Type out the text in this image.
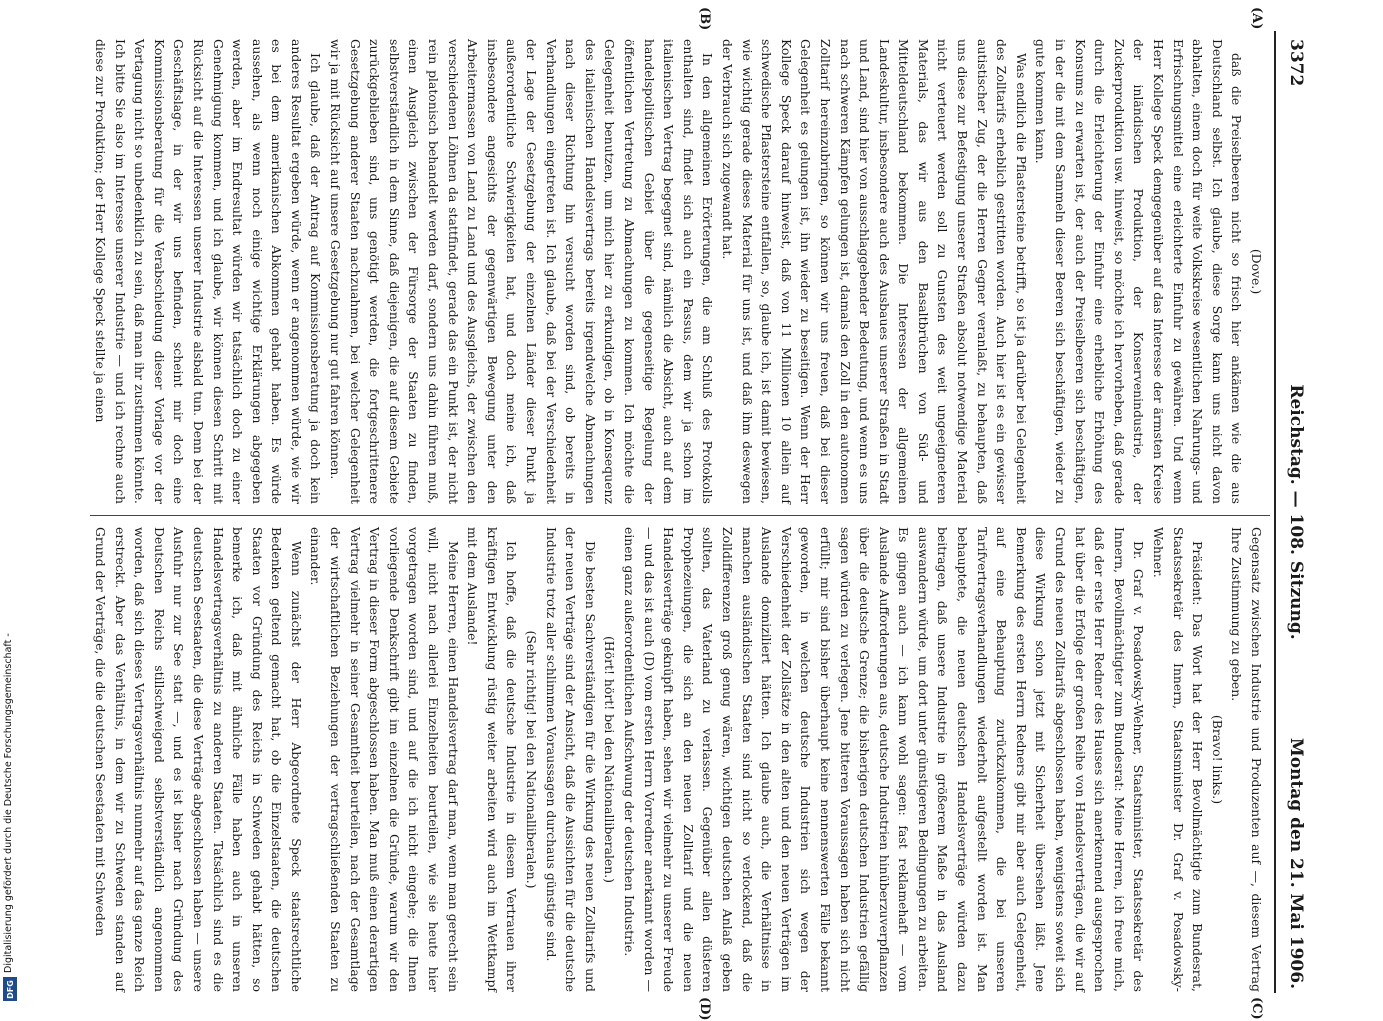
Digitalisierung gefördert durch die Deutsche Forschungsgemeinschaft -
DFG
3372
Reichstag. — 108. Sitzung.
Montag den 21. Mai 1906.
(A)
(B)
(C)
(D)

(Dove.)

daß die Preiselbeeren nicht so frisch hier ankämen wie die aus Deutschland selbst. Ich glaube, diese Sorge kann uns nicht davon abhalten, einem doch für weite Volkskreise wesentlichen Nahrungs- und Erfrischungsmittel eine erleichterte Einfuhr zu gewähren. Und wenn Herr Kollege Speck demgegenüber auf das Interesse der ärmsten Kreise der inländischen Produktion, der Konservenindustrie, der Zuckerproduktion usw. hinweist, so möchte ich hervorheben, daß gerade durch die Erleichterung der Einfuhr eine erhebliche Erhöhung des Konsums zu erwarten ist, der auch der Preiselbeeren sich beschäftigen, in der die mit dem Sammeln dieser Beeren sich beschäftigen, wieder zu gute kommen kann.

Was endlich die Pflastersteine betrifft, so ist ja darüber bei Gelegenheit des Zolltarifs erheblich gestritten worden. Auch hier ist es ein gewisser autistischer Zug, der die Herren Gegner veranlaßt, zu behaupten, daß uns diese zur Befestigung unserer Straßen absolut notwendige Material nicht verteuert werden soll zu Gunsten des weit ungeeigneteren Materials, das wir aus den Basaltbrüchen von Süd- und Mitteldeutschland bekommen. Die Interessen der allgemeinen Landeskultur, insbesondere auch des Ausbaues unserer Straßen in Stadt und Land, sind hier von ausschlaggebender Bedeutung, und wenn es uns nach schweren Kämpfen gelungen ist, damals den Zoll in den autonomen Zolltarif hereinzubringen, so können wir uns freuen, daß bei dieser Gelegenheit es gelungen ist, ihn wieder zu beseitigen. Wenn der Herr Kollege Speck darauf hinweist, daß von 11 Millionen 10 allein auf schwedische Pflastersteine entfallen, so, glaube ich, ist damit bewiesen, wie wichtig gerade dieses Material für uns ist, und daß ihm deswegen der Verbrauch sich zugewandt hat.

In den allgemeinen Erörterungen, die am Schluß des Protokolls enthalten sind, findet sich auch ein Passus, dem wir ja schon im italienischen Vertrag begegnet sind, nämlich die Absicht, auch auf dem handelspolitischen Gebiet über die gegenseitige Regelung der öffentlichen Vertretung zu Abmachungen zu kommen. Ich möchte die Gelegenheit benutzen, um mich hier zu erkundigen, ob in Konsequenz des italienischen Handelsvertrags bereits irgendwelche Abmachungen nach dieser Richtung hin versucht worden sind, ob bereits in Verhandlungen eingetreten ist. Ich glaube, daß bei der Verschiedenheit der Lage der Gesetzgebung der einzelnen Länder dieser Punkt ja außerordentliche Schwierigkeiten hat, und doch meine ich, daß insbesondere angesichts der gegenwärtigen Bewegung unter den Arbeitermassen von Land zu Land und des Ausgleichs, der zwischen den verschiedenen Löhnen da stattfindet, gerade das ein Punkt ist, der nicht rein platonisch behandelt werden darf, sondern uns dahin führen muß, einen Ausgleich zwischen der Fürsorge der Staaten zu finden, selbstverständlich in dem Sinne, daß diejenigen, die auf diesem Gebiete zurückgeblieben sind, uns genötigt werden, die fortgeschrittenere Gesetzgebung anderer Staaten nachzuahmen, bei welcher Gelegenheit wir ja mit Rücksicht auf unsere Gesetzgebung nur gut fahren können.

Ich glaube, daß der Antrag auf Kommissionsberatung ja doch kein anderes Resultat ergeben würde, wenn er angenommen würde, wie wir es bei dem amerikanischen Abkommen gehabt haben. Es würde aussehen, als wenn noch einige wichtige Erklärungen abgegeben werden, aber im Endresultat würden wir tatsächlich doch zu einer Genehmigung kommen, und ich glaube, wir können diesen Schritt mit Rücksicht auf die Interessen unserer Industrie alsbald tun. Denn bei der Geschäftslage, in der wir uns befinden, scheint mir doch eine Kommissionsberatung für die Verabschiedung dieser Vorlage vor der Vertagung nicht so unbedenklich zu sein, daß man ihr zustimmen könnte. Ich bitte Sie also im Interesse unserer Industrie — und ich rechne auch diese zur Produktion; der Herr Kollege Speck stellte ja einen

Gegensatz zwischen Industrie und Produzenten auf —, diesem Vertrag Ihre Zustimmung zu geben.

(Bravo! links.)

Präsident: Das Wort hat der Herr Bevollmächtigte zum Bundesrat, Staatssekretär des Innern, Staatsminister Dr. Graf v. Posadowsky-Wehner.

Dr. Graf v. Posadowsky-Wehner, Staatsminister, Staatssekretär des Innern, Bevollmächtigter zum Bundesrat: Meine Herren, ich freue mich, daß der erste Herr Redner des Hauses sich anerkennend ausgesprochen hat über die Erfolge der großen Reihe von Handelsverträgen, die wir auf Grund des neuen Zolltarifs abgeschlossen haben, wenigstens soweit sich diese Wirkung schon jetzt mit Sicherheit übersehen läßt. Jene Bemerkung des ersten Herrn Redners gibt mir aber auch Gelegenheit, auf eine Behauptung zurückzukommen, die bei unseren Tarifvertragsverhandlungen wiederholt aufgestellt worden ist. Man behauptete, die neuen deutschen Handelsverträge würden dazu beitragen, daß unsere Industrie in größerem Maße in das Ausland auswandern würde, um dort unter günstigeren Bedingungen zu arbeiten. Es gingen auch — ich kann wohl sagen: fast reklamehaft — vom Auslande Aufforderungen aus, deutsche Industrien hinüberzuverpflanzen über die deutsche Grenze; die bisherigen deutschen Industrien gefällig sagen würden zu verlegen. Jene bitteren Voraussagen haben sich nicht erfüllt; mir sind bisher überhaupt keine nennenswerten Fälle bekannt geworden, in welchen deutsche Industrien sich wegen der Verschiedenheit der Zollsätze in den alten und den neuen Verträgen im Auslande domiziliert hätten. Ich glaube auch, die Verhältnisse in manchen ausländischen Staaten sind nicht so verlockend, daß die Zolldifferenzen groß genug wären, wichtigen deutschen Anlaß geben sollten, das Vaterland zu verlassen. Gegenüber allen düsteren Prophezeiungen, die sich an den neuen Zolltarif und die neuen Handelsverträge geknüpft haben, sehen wir vielmehr zu unserer Freude — und das ist auch (D) vom ersten Herrn Vorredner anerkannt worden — einen ganz außerordentlichen Aufschwung der deutschen Industrie.

(Hört! hört! bei den Nationalliberalen.)

Die besten Sachverständigen für die Wirkung des neuen Zolltarifs und der neuen Verträge sind der Ansicht, daß die Aussichten für die deutsche Industrie trotz aller schlimmen Voraussagen durchaus günstige sind.

(Sehr richtig! bei den Nationalliberalen.)

Ich hoffe, daß die deutsche Industrie in diesem Vertrauen ihrer kräftigen Entwicklung rüstig weiter arbeiten wird auch im Wettkampf mit dem Auslande!

Meine Herren, einen Handelsvertrag darf man, wenn man gerecht sein will, nicht nach allerlei Einzelheiten beurteilen, wie sie heute hier vorgetragen worden sind, und auf die ich nicht eingehe; die Ihnen vorliegende Denkschrift gibt im einzelnen die Gründe, warum wir den Vertrag in dieser Form abgeschlossen haben. Man muß einen derartigen Vertrag vielmehr in seiner Gesamtheit beurteilen, nach der Gesamtlage der wirtschaftlichen Beziehungen der vertragschließenden Staaten zu einander.

Wenn zunächst der Herr Abgeordnete Speck staatsrechtliche Bedenken geltend gemacht hat, ob die Einzelstaaten, die deutschen Staaten vor Gründung des Reichs in Schweden gehabt hätten, so bemerke ich, daß mit ähnliche Fälle haben auch in unseren Handelsvertragsverhältnis zu anderen Staaten. Tatsächlich sind es die deutschen Seestaaten, die diese Verträge abgeschlossen haben — unsere Ausfuhr nur zur See statt —, und es ist bisher nach Gründung des Deutschen Reichs stillschweigend selbstverständlich angenommen worden, daß sich dieses Vertragsverhältnis nunmehr auf das ganze Reich erstreckt. Aber das Verhältnis, in dem wir zu Schweden standen auf Grund der Verträge, die die deutschen Seestaaten mit Schweden
